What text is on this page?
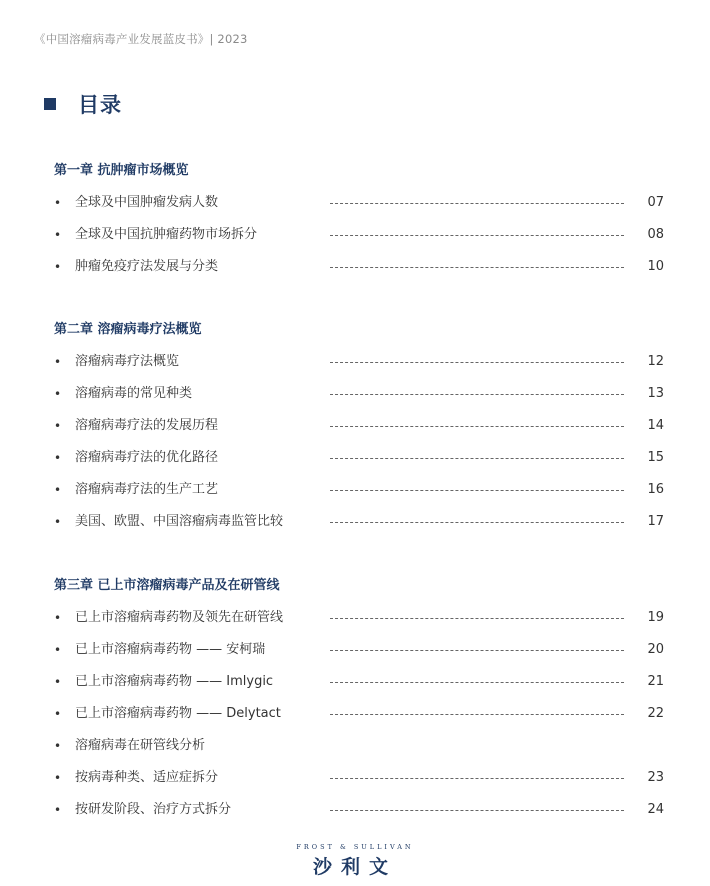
《中国溶瘤病毒产业发展蓝皮书》| 2023
目录
第一章 抗肿瘤市场概览
• 全球及中国肿瘤发病人数	07
• 全球及中国抗肿瘤药物市场拆分	08
• 肿瘤免疫疗法发展与分类	10
第二章 溶瘤病毒疗法概览
• 溶瘤病毒疗法概览	12
• 溶瘤病毒的常见种类	13
• 溶瘤病毒疗法的发展历程	14
• 溶瘤病毒疗法的优化路径	15
• 溶瘤病毒疗法的生产工艺	16
• 美国、欧盟、中国溶瘤病毒监管比较	17
第三章 已上市溶瘤病毒产品及在研管线
• 已上市溶瘤病毒药物及领先在研管线	19
• 已上市溶瘤病毒药物 —— 安柯瑞	20
• 已上市溶瘤病毒药物 —— Imlygic	21
• 已上市溶瘤病毒药物 —— Delytact	22
• 溶瘤病毒在研管线分析
• 按病毒种类、适应症拆分	23
• 按研发阶段、治疗方式拆分	24
FROST & SULLIVAN
沙利文
